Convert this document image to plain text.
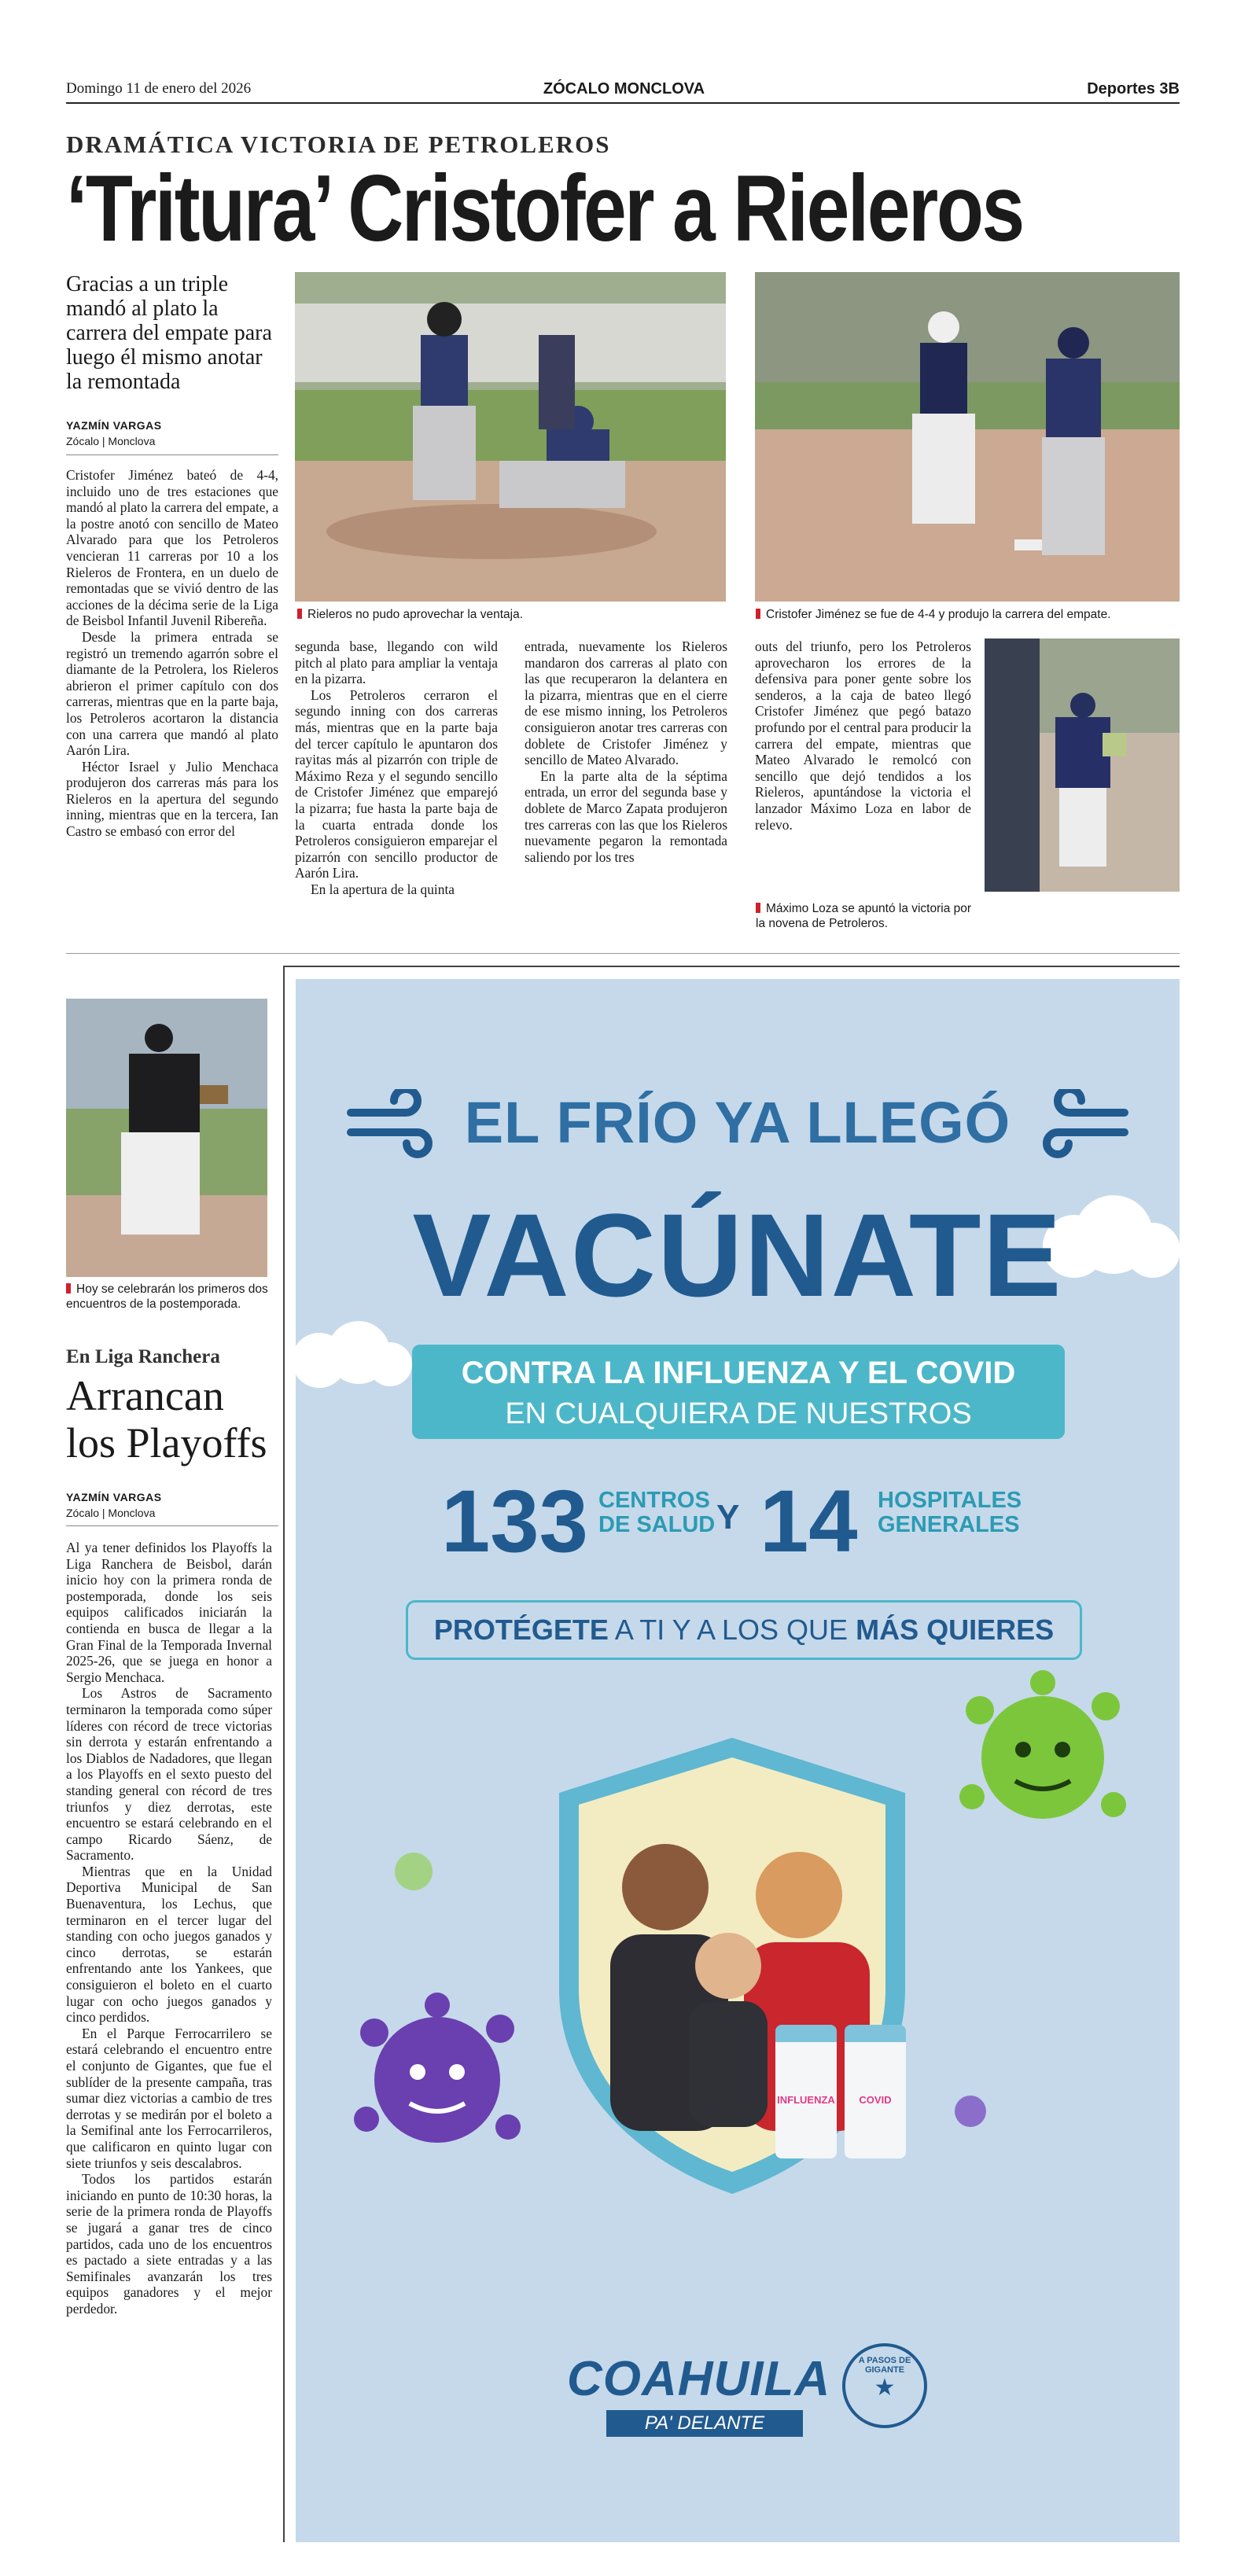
Domingo 11 de enero del 2026	ZÓCALO MONCLOVA	Deportes 3B
DRAMÁTICA VICTORIA DE PETROLEROS
‘Tritura’ Cristofer a Rieleros
Gracias a un triple mandó al plato la carrera del empate para luego él mismo anotar la remontada
YAZMÍN VARGAS
Zócalo | Monclova
Rieleros no pudo aprovechar la ventaja.	Cristofer Jiménez se fue de 4-4 y produjo la carrera del empate.
Máximo Loza se apuntó la victoria por la novena de Petroleros.

Cristofer Jiménez bateó de 4-4, incluido uno de tres estaciones que mandó al plato la carrera del empate, a la postre anotó con sencillo de Mateo Alvarado para que los Petroleros vencieran 11 carreras por 10 a los Rieleros de Frontera, en un duelo de remontadas que se vivió dentro de las acciones de la décima serie de la Liga de Beisbol Infantil Juvenil Ribereña.

Desde la primera entrada se registró un tremendo agarrón sobre el diamante de la Petrolera, los Rieleros abrieron el primer capítulo con dos carreras, mientras que en la parte baja, los Petroleros acortaron la distancia con una carrera que mandó al plato Aarón Lira.

Héctor Israel y Julio Menchaca produjeron dos carreras más para los Rieleros en la apertura del segundo inning, mientras que en la tercera, Ian Castro se embasó con error del

segunda base, llegando con wild pitch al plato para ampliar la ventaja en la pizarra.

Los Petroleros cerraron el segundo inning con dos carreras más, mientras que en la parte baja del tercer capítulo le apuntaron dos rayitas más al pizarrón con triple de Máximo Reza y el segundo sencillo de Cristofer Jiménez que emparejó la pizarra; fue hasta la parte baja de la cuarta entrada donde los Petroleros consiguieron emparejar el pizarrón con sencillo productor de Aarón Lira.

En la apertura de la quinta

entrada, nuevamente los Rieleros mandaron dos carreras al plato con las que recuperaron la delantera en la pizarra, mientras que en el cierre de ese mismo inning, los Petroleros consiguieron anotar tres carreras con doblete de Cristofer Jiménez y sencillo de Mateo Alvarado.

En la parte alta de la séptima entrada, un error del segunda base y doblete de Marco Zapata produjeron tres carreras con las que los Rieleros nuevamente pegaron la remontada saliendo por los tres

outs del triunfo, pero los Petroleros aprovecharon los errores de la defensiva para poner gente sobre los senderos, a la caja de bateo llegó Cristofer Jiménez que pegó batazo profundo por el central para producir la carrera del empate, mientras que Mateo Alvarado le remolcó con sencillo que dejó tendidos a los Rieleros, apuntándose la victoria el lanzador Máximo Loza en labor de relevo.

Hoy se celebrarán los primeros dos encuentros de la postemporada.
En Liga Ranchera
Arrancan los Playoffs
YAZMÍN VARGAS
Zócalo | Monclova

Al ya tener definidos los Playoffs la Liga Ranchera de Beisbol, darán inicio hoy con la primera ronda de postemporada, donde los seis equipos calificados iniciarán la contienda en busca de llegar a la Gran Final de la Temporada Invernal 2025-26, que se juega en honor a Sergio Menchaca.

Los Astros de Sacramento terminaron la temporada como súper líderes con récord de trece victorias sin derrota y estarán enfrentando a los Diablos de Nadadores, que llegan a los Playoffs en el sexto puesto del standing general con récord de tres triunfos y diez derrotas, este encuentro se estará celebrando en el campo Ricardo Sáenz, de Sacramento.

Mientras que en la Unidad Deportiva Municipal de San Buenaventura, los Lechus, que terminaron en el tercer lugar del standing con ocho juegos ganados y cinco derrotas, se estarán enfrentando ante los Yankees, que consiguieron el boleto en el cuarto lugar con ocho juegos ganados y cinco perdidos.

En el Parque Ferrocarrilero se estará celebrando el encuentro entre el conjunto de Gigantes, que fue el sublíder de la presente campaña, tras sumar diez victorias a cambio de tres derrotas y se medirán por el boleto a la Semifinal ante los Ferrocarrileros, que calificaron en quinto lugar con siete triunfos y seis descalabros.

Todos los partidos estarán iniciando en punto de 10:30 horas, la serie de la primera ronda de Playoffs se jugará a ganar tres de cinco partidos, cada uno de los encuentros es pactado a siete entradas y a las Semifinales avanzarán los tres equipos ganadores y el mejor perdedor.

EL FRÍO YA LLEGÓ
VACÚNATE
CONTRA LA INFLUENZA Y EL COVID
EN CUALQUIERA DE NUESTROS
133 CENTROS
DE SALUD Y 14 HOSPITALES
GENERALES
PROTÉGETE A TI Y A LOS QUE MÁS QUIERES
INFLUENZA	COVID
COAHUILA
PA' DELANTE
A PASOS DE GIGANTE
★
